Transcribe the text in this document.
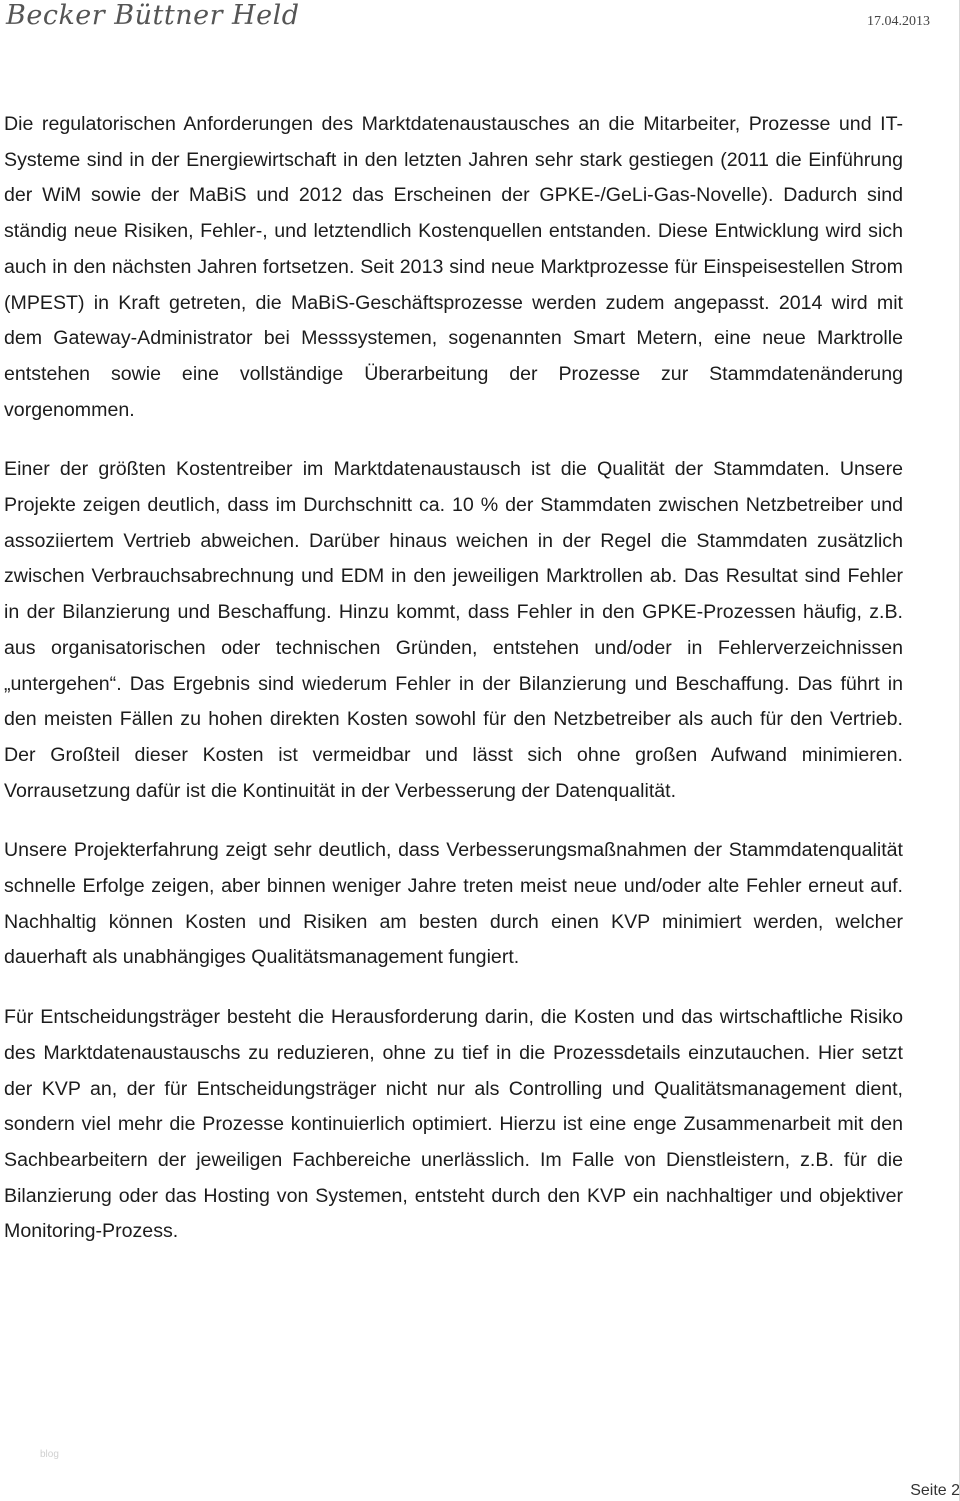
Becker Büttner Held	17.04.2013

Die regulatorischen Anforderungen des Marktdatenaustausches an die Mitarbeiter, Prozesse und IT-Systeme sind in der Energiewirtschaft in den letzten Jahren sehr stark gestiegen (2011 die Einführung der WiM sowie der MaBiS und 2012 das Erscheinen der GPKE-/GeLi-Gas-Novelle). Dadurch sind ständig neue Risiken, Fehler-, und letztendlich Kostenquellen entstanden. Diese Entwicklung wird sich auch in den nächsten Jahren fortsetzen. Seit 2013 sind neue Marktprozesse für Einspeisestellen Strom (MPEST) in Kraft getreten, die MaBiS-Geschäftsprozesse werden zudem angepasst. 2014 wird mit dem Gateway-Administrator bei Messsystemen, sogenannten Smart Metern, eine neue Marktrolle entstehen sowie eine vollständige Überarbeitung der Prozesse zur Stammdatenänderung vorgenommen.

Einer der größten Kostentreiber im Marktdatenaustausch ist die Qualität der Stammdaten. Unsere Projekte zeigen deutlich, dass im Durchschnitt ca. 10 % der Stammdaten zwischen Netzbetreiber und assoziiertem Vertrieb abweichen. Darüber hinaus weichen in der Regel die Stammdaten zusätzlich zwischen Verbrauchsabrechnung und EDM in den jeweiligen Marktrollen ab. Das Resultat sind Fehler in der Bilanzierung und Beschaffung. Hinzu kommt, dass Fehler in den GPKE-Prozessen häufig, z.B. aus organisatorischen oder technischen Gründen, entstehen und/oder in Fehlerverzeichnissen „untergehen“. Das Ergebnis sind wiederum Fehler in der Bilanzierung und Beschaffung. Das führt in den meisten Fällen zu hohen direkten Kosten sowohl für den Netzbetreiber als auch für den Vertrieb. Der Großteil dieser Kosten ist vermeidbar und lässt sich ohne großen Aufwand minimieren. Vorrausetzung dafür ist die Kontinuität in der Verbesserung der Datenqualität.

Unsere Projekterfahrung zeigt sehr deutlich, dass Verbesserungsmaßnahmen der Stammdatenqualität schnelle Erfolge zeigen, aber binnen weniger Jahre treten meist neue und/oder alte Fehler erneut auf. Nachhaltig können Kosten und Risiken am besten durch einen KVP minimiert werden, welcher dauerhaft als unabhängiges Qualitätsmanagement fungiert.

Für Entscheidungsträger besteht die Herausforderung darin, die Kosten und das wirtschaftliche Risiko des Marktdatenaustauschs zu reduzieren, ohne zu tief in die Prozessdetails einzutauchen. Hier setzt der KVP an, der für Entscheidungsträger nicht nur als Controlling und Qualitätsmanagement dient, sondern viel mehr die Prozesse kontinuierlich optimiert. Hierzu ist eine enge Zusammenarbeit mit den Sachbearbeitern der jeweiligen Fachbereiche unerlässlich. Im Falle von Dienstleistern, z.B. für die Bilanzierung oder das Hosting von Systemen, entsteht durch den KVP ein nachhaltiger und objektiver Monitoring-Prozess.

blog
Seite 2
